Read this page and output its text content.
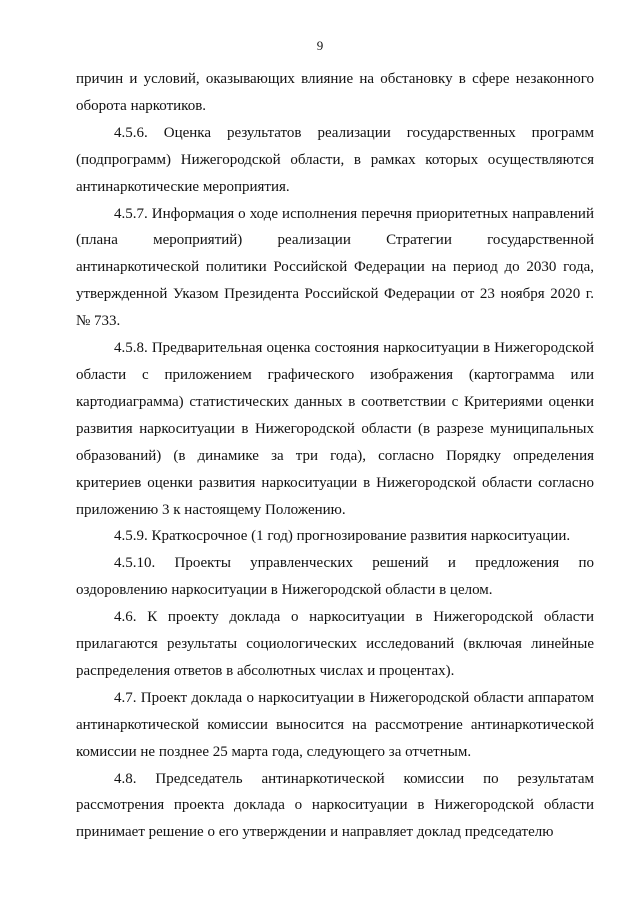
9

причин и условий, оказывающих влияние на обстановку в сфере незаконного оборота наркотиков.

4.5.6. Оценка результатов реализации государственных программ (подпрограмм) Нижегородской области, в рамках которых осуществляются антинаркотические мероприятия.

4.5.7. Информация о ходе исполнения перечня приоритетных направлений (плана мероприятий) реализации Стратегии государственной антинаркотической политики Российской Федерации на период до 2030 года, утвержденной Указом Президента Российской Федерации от 23 ноября 2020 г. № 733.

4.5.8. Предварительная оценка состояния наркоситуации в Нижегородской области с приложением графического изображения (картограмма или картодиаграмма) статистических данных в соответствии с Критериями оценки развития наркоситуации в Нижегородской области (в разрезе муниципальных образований) (в динамике за три года), согласно Порядку определения критериев оценки развития наркоситуации в Нижегородской области согласно приложению 3 к настоящему Положению.

4.5.9. Краткосрочное (1 год) прогнозирование развития наркоситуации.

4.5.10. Проекты управленческих решений и предложения по оздоровлению наркоситуации в Нижегородской области в целом.

4.6. К проекту доклада о наркоситуации в Нижегородской области прилагаются результаты социологических исследований (включая линейные распределения ответов в абсолютных числах и процентах).

4.7. Проект доклада о наркоситуации в Нижегородской области аппаратом антинаркотической комиссии выносится на рассмотрение антинаркотической комиссии не позднее 25 марта года, следующего за отчетным.

4.8. Председатель антинаркотической комиссии по результатам рассмотрения проекта доклада о наркоситуации в Нижегородской области принимает решение о его утверждении и направляет доклад председателю
